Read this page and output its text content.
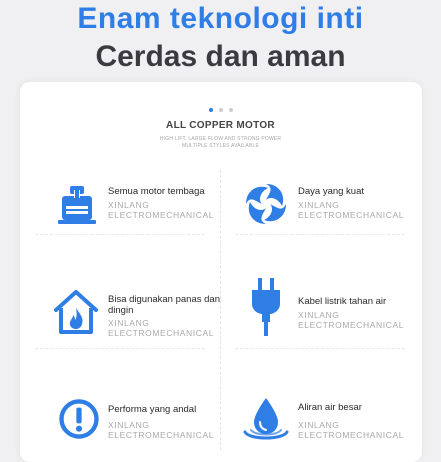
Enam teknologi inti
Cerdas dan aman
ALL COPPER MOTOR
HIGH LIFT, LARGE FLOW AND STRONG POWER
MULTIPLE STYLES AVAILABLE
Semua motor tembaga
XINLANG
ELECTROMECHANICAL
Daya yang kuat
XINLANG
ELECTROMECHANICAL
Bisa digunakan panas dan dingin
XINLANG
ELECTROMECHANICAL
Kabel listrik tahan air
XINLANG
ELECTROMECHANICAL
Performa yang andal
XINLANG
ELECTROMECHANICAL
Aliran air besar
XINLANG
ELECTROMECHANICAL
